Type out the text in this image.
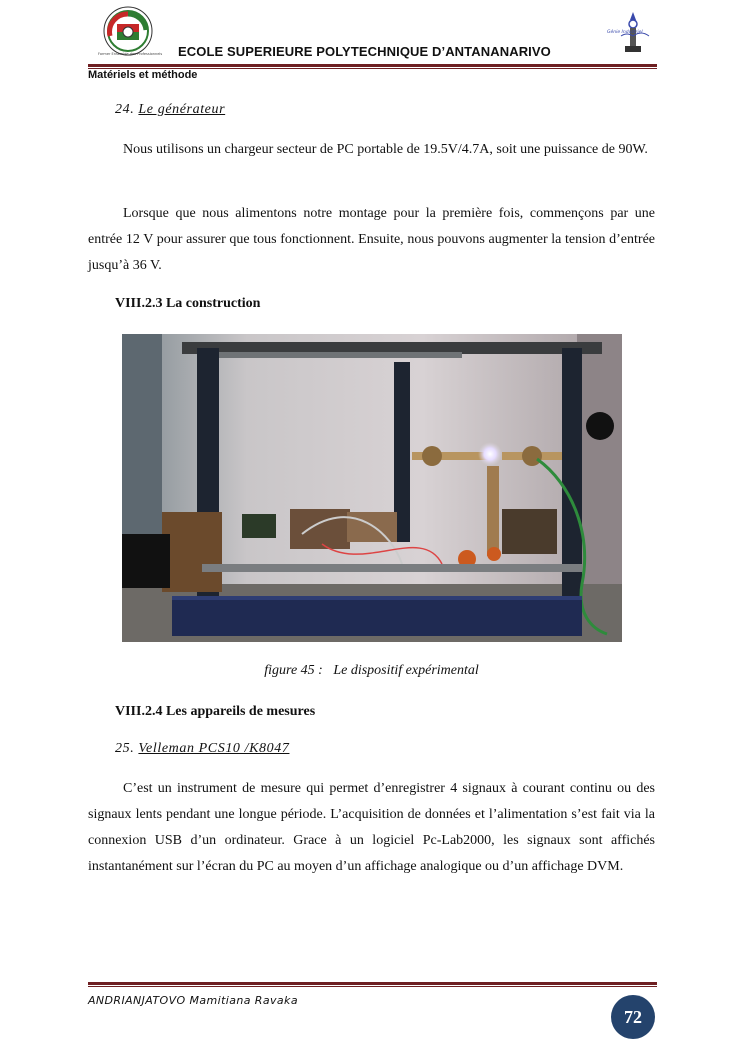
Former Ensemble des Professionnels ECOLE SUPERIEURE POLYTECHNIQUE D’ANTANANARIVO
Génie Industriel
Matériels et méthode
24. Le générateur
Nous utilisons un chargeur secteur de PC portable de 19.5V/4.7A, soit une puissance de 90W.
Lorsque que nous alimentons notre montage pour la première fois, commençons par une entrée 12 V pour assurer que tous fonctionnent. Ensuite, nous pouvons augmenter la tension d’entrée jusqu’à 36 V.
VIII.2.3 La construction
figure 45 : Le dispositif expérimental
VIII.2.4 Les appareils de mesures
25. Velleman PCS10 /K8047
C’est un instrument de mesure qui permet d’enregistrer 4 signaux à courant continu ou des signaux lents pendant une longue période. L’acquisition de données et l’alimentation s’est fait via la connexion USB d’un ordinateur. Grace à un logiciel Pc-Lab2000, les signaux sont affichés instantanément sur l’écran du PC au moyen d’un affichage analogique ou d’un affichage DVM.
ANDRIANJATOVO Mamitiana Ravaka
72
